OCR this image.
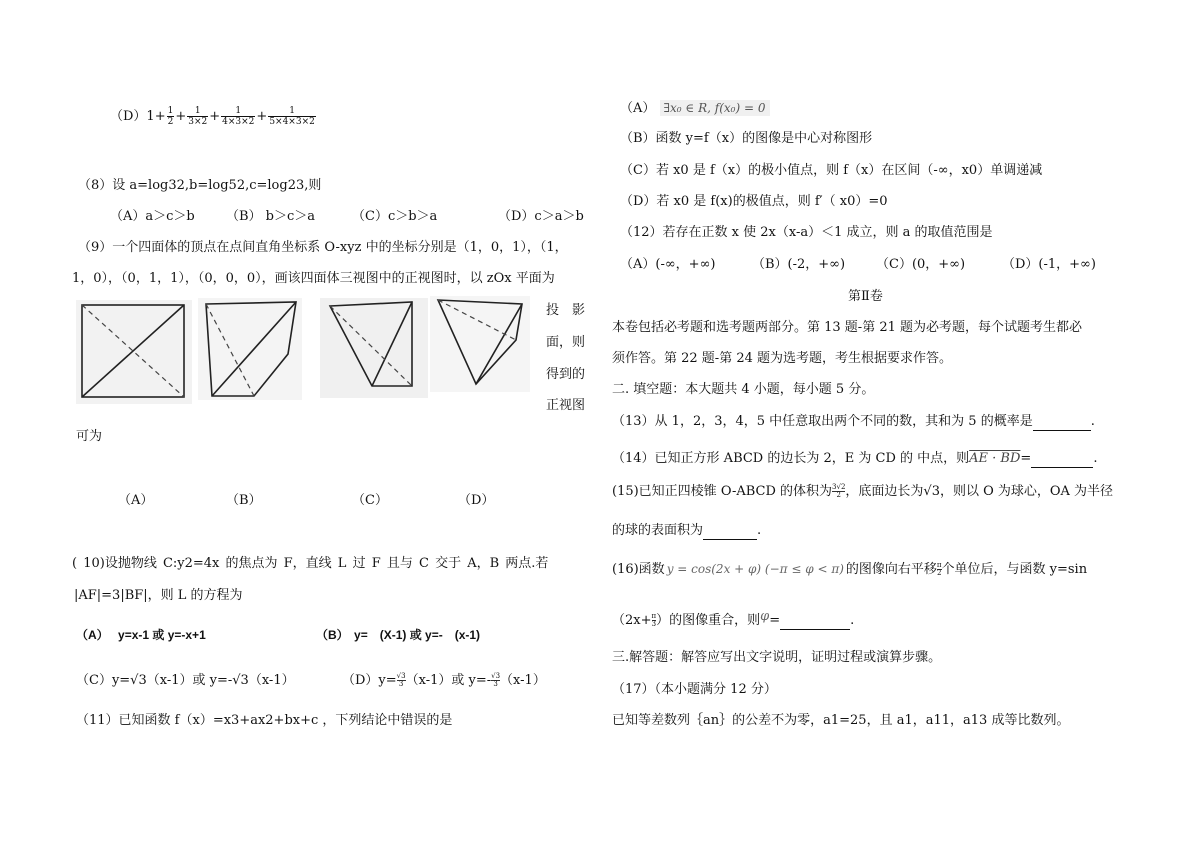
$(D)1+ \frac{1}{2} + \frac{1}{3\times 2} + \frac{1}{4\times 3\times 2} + \frac{1}{5\times 4\times 3\times 2}$
（8）设 a=log32,b=log52,c=log23,则
（A）a＞c＞b （B） b＞c＞a	（C）c＞b＞a	（D）c＞a＞b
（9）一个四面体的顶点在点间直角坐标系 O-xyz 中的坐标分别是（1，0，1），（1，
1，0），（0，1，1），（0，0，0），画该四面体三视图中的正视图时，以 zOx 平面为
投　影
面，则
得到的
正视图
可为
（A）	（B）	（C）	（D）
( 10)设抛物线 C:y2=4x 的焦点为 F，直线 L 过 F 且与 C 交于 A，B 两点.若
|AF|=3|BF|，则 L 的方程为
（A） y=x-1 或 y=-x+1	（B） y=　(X-1) 或 y=-　(x-1)
（C）y=√3（x-1）或 y=-√3（x-1）	$(D)y= \frac{√3}{3} (x-1)$或 $y=- \frac{√3}{3} (x-1)$
（11）已知函数 f（x）=x3+ax2+bx+c ，下列结论中错误的是
（A） ∃x₀ ∈ R, f(x₀) = 0
（B）函数 y=f（x）的图像是中心对称图形
（C）若 x0 是 f（x）的极小值点，则 f（x）在区间（-∞，x0）单调递减
（D）若 x0 是 f(x)的极值点，则 f′（ x0）=0
（12）若存在正数 x 使 2x（x-a）＜1 成立，则 a 的取值范围是
（A）(-∞，+∞)	（B）(-2，+∞) （C）(0，+∞)	（D）(-1，+∞)
第Ⅱ卷
本卷包括必考题和选考题两部分。第 13 题-第 21 题为必考题，每个试题考生都必
须作答。第 22 题-第 24 题为选考题，考生根据要求作答。
二. 填空题：本大题共 4 小题，每小题 5 分。
（13）从 1，2，3，4，5 中任意取出两个不同的数，其和为 5 的概率是	.
（14）已知正方形 ABCD 的边长为 2，E 为 CD 的 中点，则AE · BD=	.
(15)已知正四棱锥 O-ABCD 的体积为 $\frac{3√2}{2}$ ，底面边长为√3，则以 O 为球心，OA 为半径
的球的表面积为	.
(16)函数 y = cos(2x + φ) (−π ≤ φ < π) 的图像向右平移 $\frac{\pi}{2}$ 个单位后，与函数 y=sin
（$2x+ \frac{\pi}{3}$ ）的图像重合，则φ=	.
三.解答题：解答应写出文字说明，证明过程或演算步骤。
（17）（本小题满分 12 分）
已知等差数列｛an｝的公差不为零，a1=25，且 a1，a11，a13 成等比数列。
